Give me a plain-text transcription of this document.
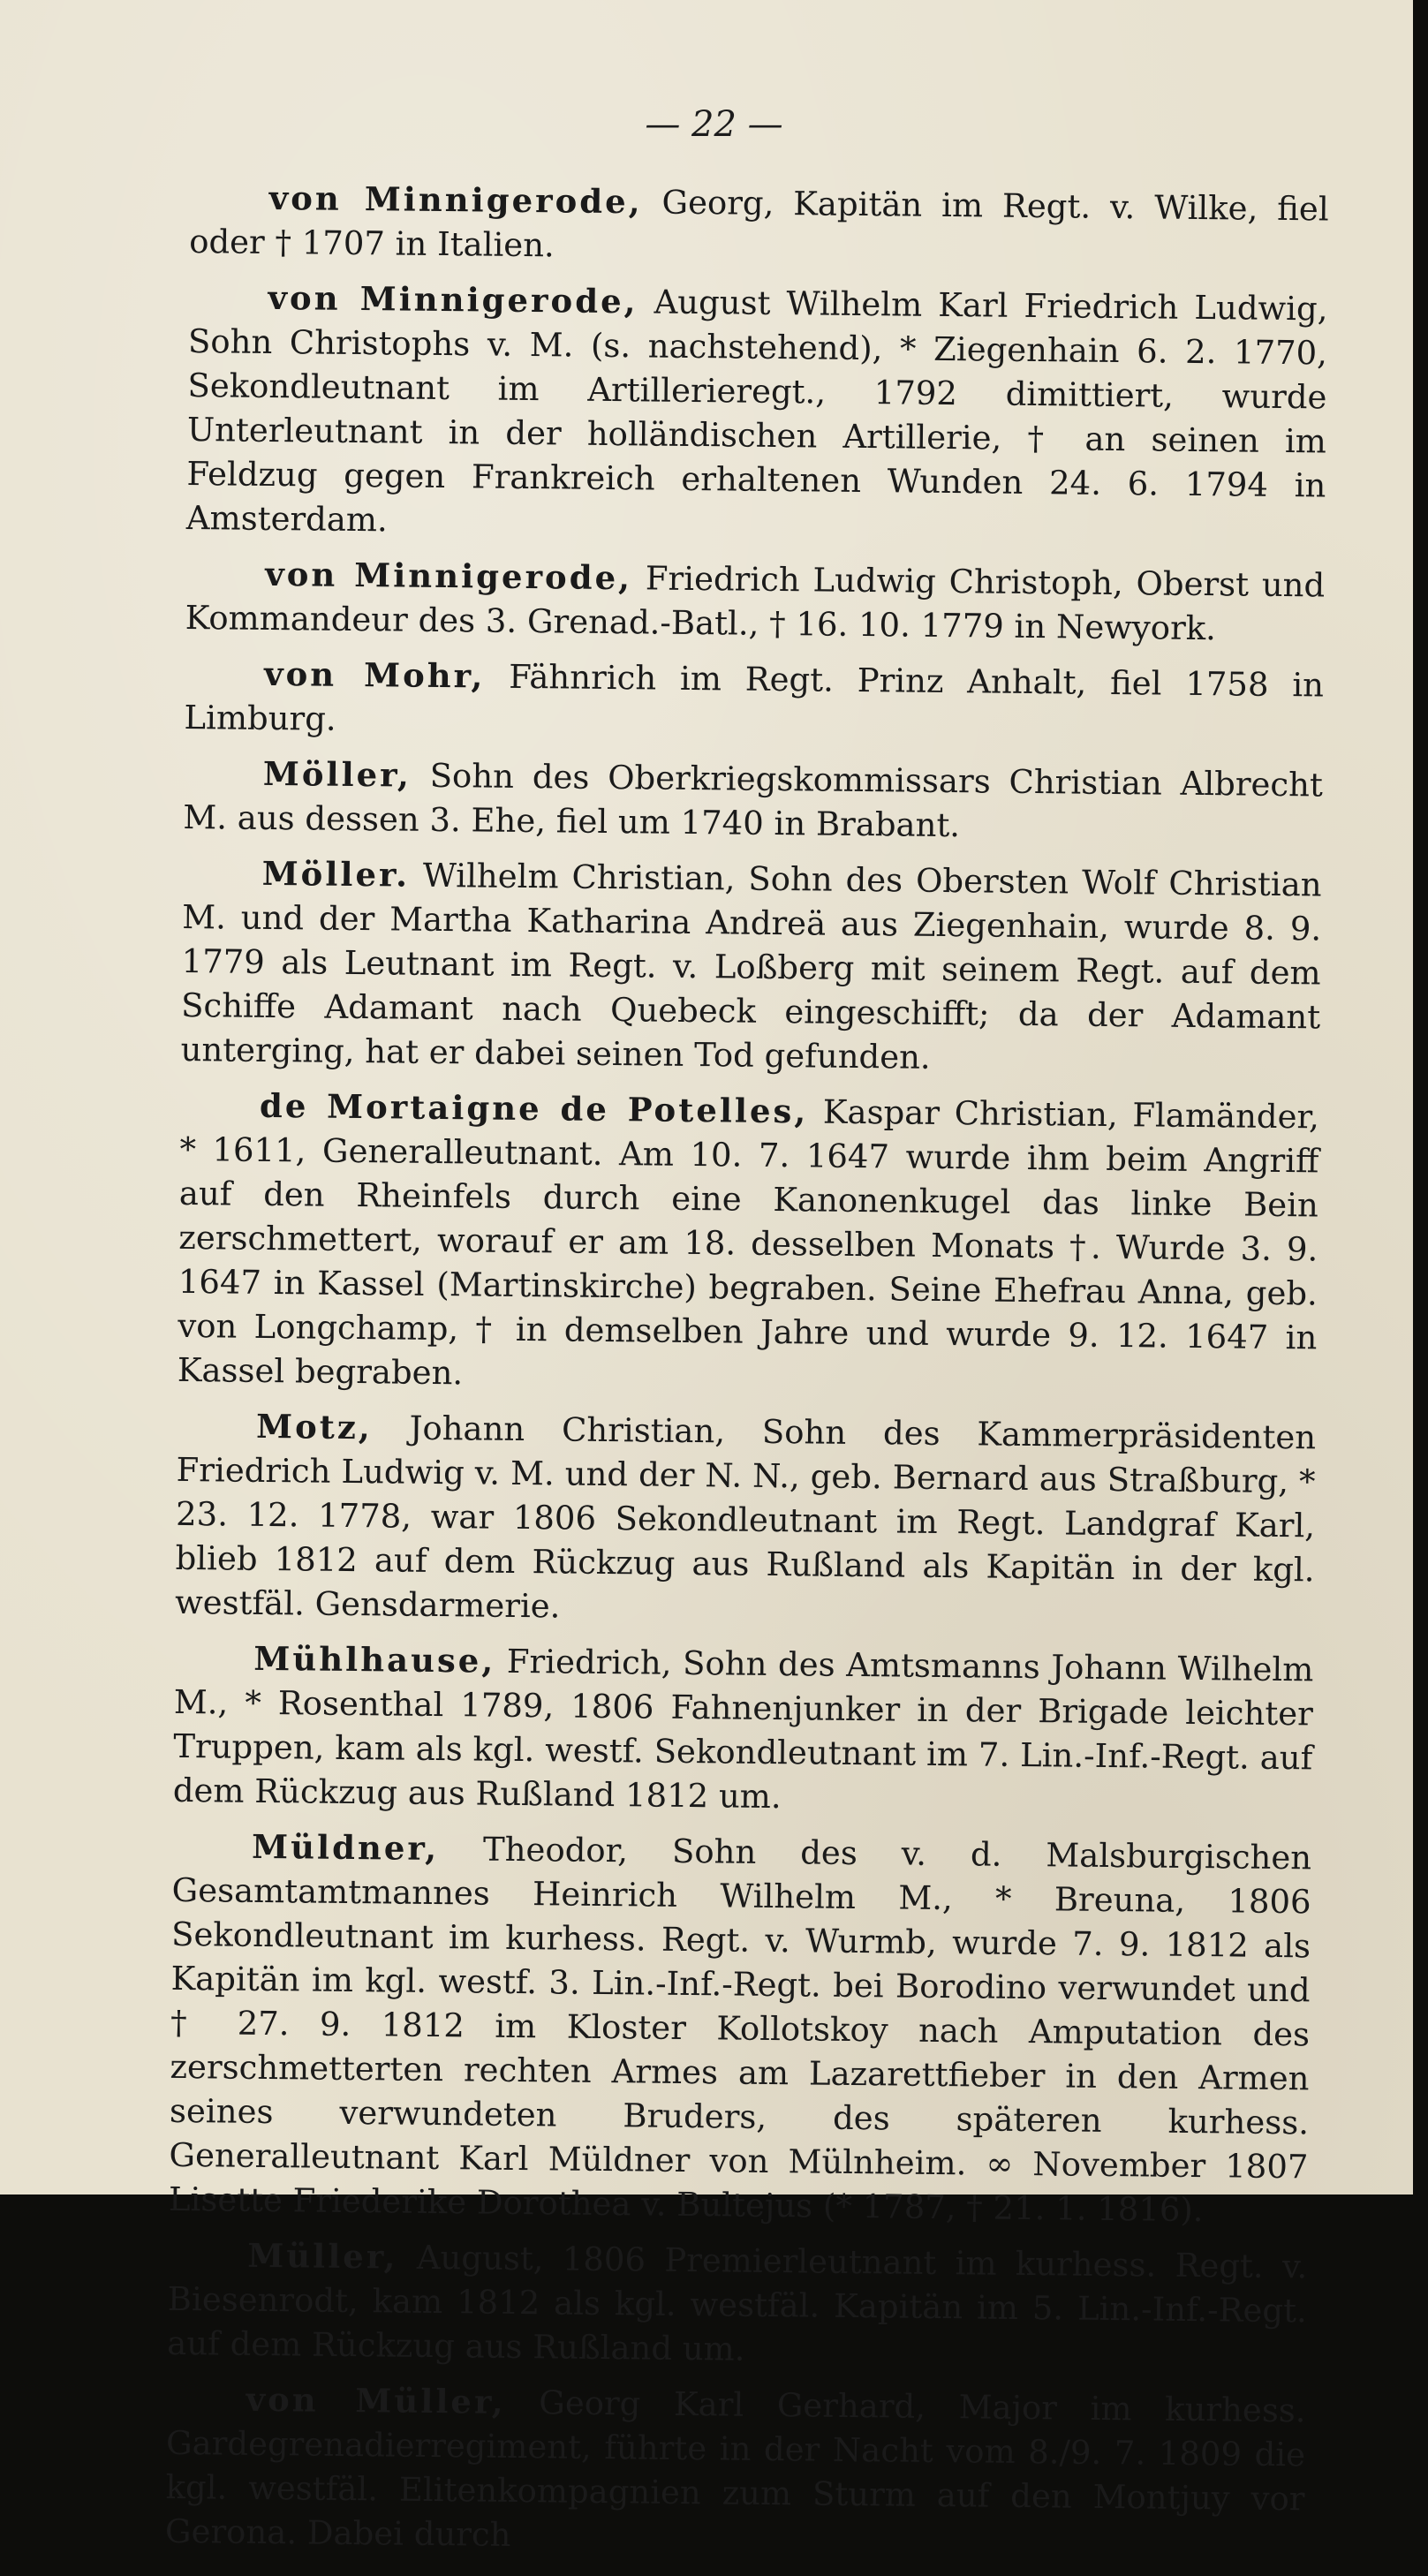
— 22 —

von Minnigerode, Georg, Kapitän im Regt. v. Wilke, fiel oder † 1707 in Italien.

von Minnigerode, August Wilhelm Karl Friedrich Ludwig, Sohn Christophs v. M. (s. nachstehend), * Ziegenhain 6. 2. 1770, Sekondleutnant im Artillerieregt., 1792 dimittiert, wurde Unterleutnant in der holländischen Artillerie, † an seinen im Feldzug gegen Frankreich erhaltenen Wunden 24. 6. 1794 in Amsterdam.

von Minnigerode, Friedrich Ludwig Christoph, Oberst und Kommandeur des 3. Grenad.-Batl., † 16. 10. 1779 in Newyork.

von Mohr, Fähnrich im Regt. Prinz Anhalt, fiel 1758 in Limburg.

Möller, Sohn des Oberkriegskommissars Christian Albrecht M. aus dessen 3. Ehe, fiel um 1740 in Brabant.

Möller. Wilhelm Christian, Sohn des Obersten Wolf Christian M. und der Martha Katharina Andreä aus Ziegenhain, wurde 8. 9. 1779 als Leutnant im Regt. v. Loßberg mit seinem Regt. auf dem Schiffe Adamant nach Quebeck eingeschifft; da der Adamant unterging, hat er dabei seinen Tod gefunden.

de Mortaigne de Potelles, Kaspar Christian, Flamänder, * 1611, Generalleutnant. Am 10. 7. 1647 wurde ihm beim Angriff auf den Rheinfels durch eine Kanonenkugel das linke Bein zerschmettert, worauf er am 18. desselben Monats †. Wurde 3. 9. 1647 in Kassel (Martinskirche) begraben. Seine Ehefrau Anna, geb. von Longchamp, † in demselben Jahre und wurde 9. 12. 1647 in Kassel begraben.

Motz, Johann Christian, Sohn des Kammerpräsidenten Friedrich Ludwig v. M. und der N. N., geb. Bernard aus Straßburg, * 23. 12. 1778, war 1806 Sekondleutnant im Regt. Landgraf Karl, blieb 1812 auf dem Rückzug aus Rußland als Kapitän in der kgl. westfäl. Gensdarmerie.

Mühlhause, Friedrich, Sohn des Amtsmanns Johann Wilhelm M., * Rosenthal 1789, 1806 Fahnenjunker in der Brigade leichter Truppen, kam als kgl. westf. Sekondleutnant im 7. Lin.-Inf.-Regt. auf dem Rückzug aus Rußland 1812 um.

Müldner, Theodor, Sohn des v. d. Malsburgischen Gesamtamtmannes Heinrich Wilhelm M., * Breuna, 1806 Sekondleutnant im kurhess. Regt. v. Wurmb, wurde 7. 9. 1812 als Kapitän im kgl. westf. 3. Lin.-Inf.-Regt. bei Borodino verwundet und † 27. 9. 1812 im Kloster Kollotskoy nach Amputation des zerschmetterten rechten Armes am Lazarettfieber in den Armen seines verwundeten Bruders, des späteren kurhess. Generalleutnant Karl Müldner von Mülnheim. ∞ November 1807 Lisette Friederike Dorothea v. Bultejus (* 1787, † 21. 1. 1816).

Müller, August, 1806 Premierleutnant im kurhess. Regt. v. Biesenrodt, kam 1812 als kgl. westfäl. Kapitän im 5. Lin.-Inf.-Regt. auf dem Rückzug aus Rußland um.

von Müller, Georg Karl Gerhard, Major im kurhess. Gardegrenadierregiment, führte in der Nacht vom 8./9. 7. 1809 die kgl. westfäl. Elitenkompagnien zum Sturm auf den Montjuy vor Gerona. Dabei durch
